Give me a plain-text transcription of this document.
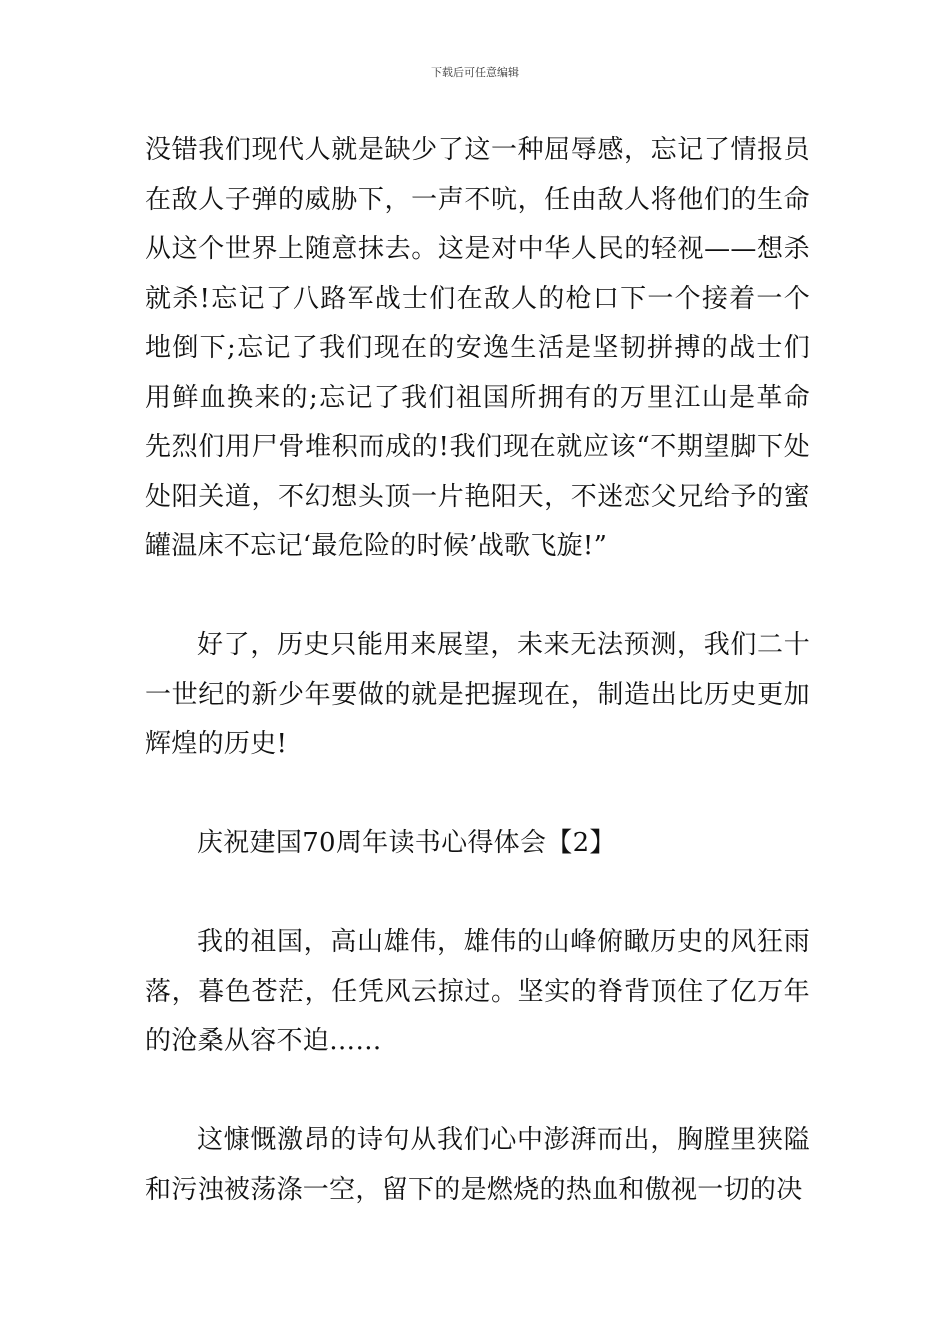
下载后可任意编辑

没错我们现代人就是缺少了这一种屈辱感，忘记了情报员在敌人子弹的威胁下，一声不吭，任由敌人将他们的生命从这个世界上随意抹去。这是对中华人民的轻视——想杀就杀!忘记了八路军战士们在敌人的枪口下一个接着一个地倒下;忘记了我们现在的安逸生活是坚韧拼搏的战士们用鲜血换来的;忘记了我们祖国所拥有的万里江山是革命先烈们用尸骨堆积而成的!我们现在就应该“不期望脚下处处阳关道，不幻想头顶一片艳阳天，不迷恋父兄给予的蜜罐温床不忘记‘最危险的时候’战歌飞旋!”

好了，历史只能用来展望，未来无法预测，我们二十一世纪的新少年要做的就是把握现在，制造出比历史更加辉煌的历史!

庆祝建国70周年读书心得体会【2】

我的祖国，高山雄伟，雄伟的山峰俯瞰历史的风狂雨落，暮色苍茫，任凭风云掠过。坚实的脊背顶住了亿万年的沧桑从容不迫……

这慷慨激昂的诗句从我们心中澎湃而出，胸膛里狭隘和污浊被荡涤一空，留下的是燃烧的热血和傲视一切的决
